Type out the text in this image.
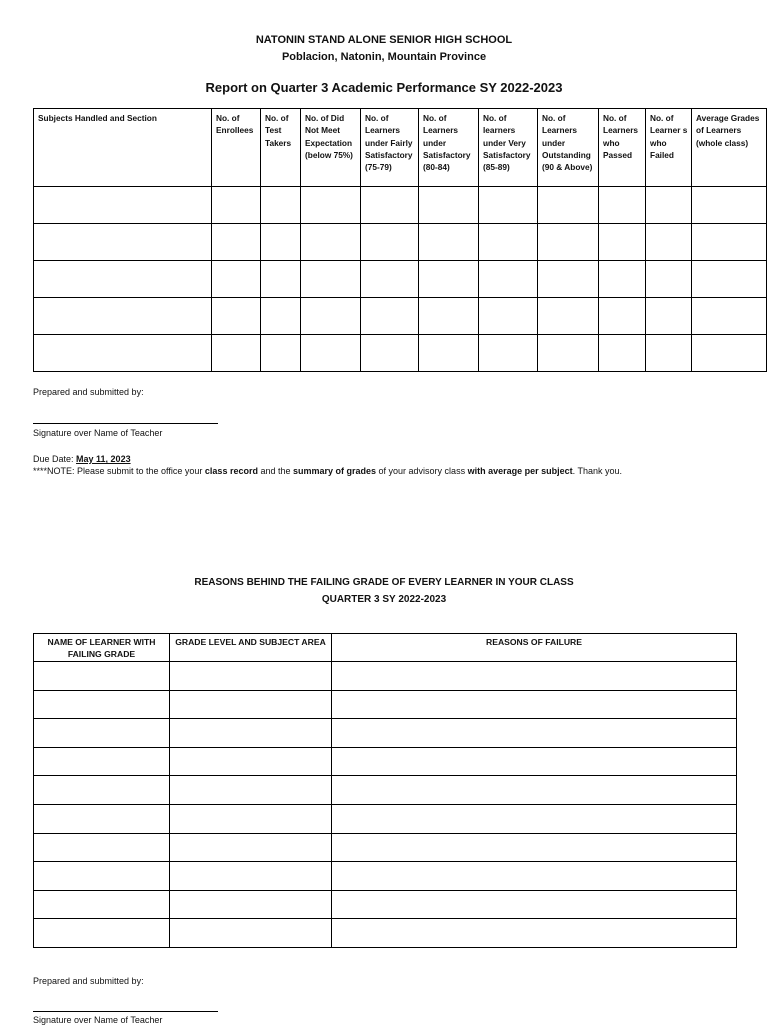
NATONIN STAND ALONE SENIOR HIGH SCHOOL
Poblacion, Natonin, Mountain Province
Report on Quarter 3 Academic Performance SY 2022-2023
Subjects Handled and Section	No. of Enrollees	No. of Test Takers	No. of Did Not Meet Expectation (below 75%)	No. of Learners under Fairly Satisfactory (75-79)	No. of Learners under Satisfactory (80-84)	No. of learners under Very Satisfactory (85-89)	No. of Learners under Outstanding (90 & Above)	No. of Learners who Passed	No. of Learner s who Failed	Average Grades of Learners (whole class)

Prepared and submitted by:
Signature over Name of Teacher
Due Date: May 11, 2023
****NOTE: Please submit to the office your class record and the summary of grades of your advisory class with average per subject. Thank you.
REASONS BEHIND THE FAILING GRADE OF EVERY LEARNER IN YOUR CLASS
QUARTER 3 SY 2022-2023
NAME OF LEARNER WITH FAILING GRADE	GRADE LEVEL AND SUBJECT AREA	REASONS OF FAILURE

Prepared and submitted by:
Signature over Name of Teacher
